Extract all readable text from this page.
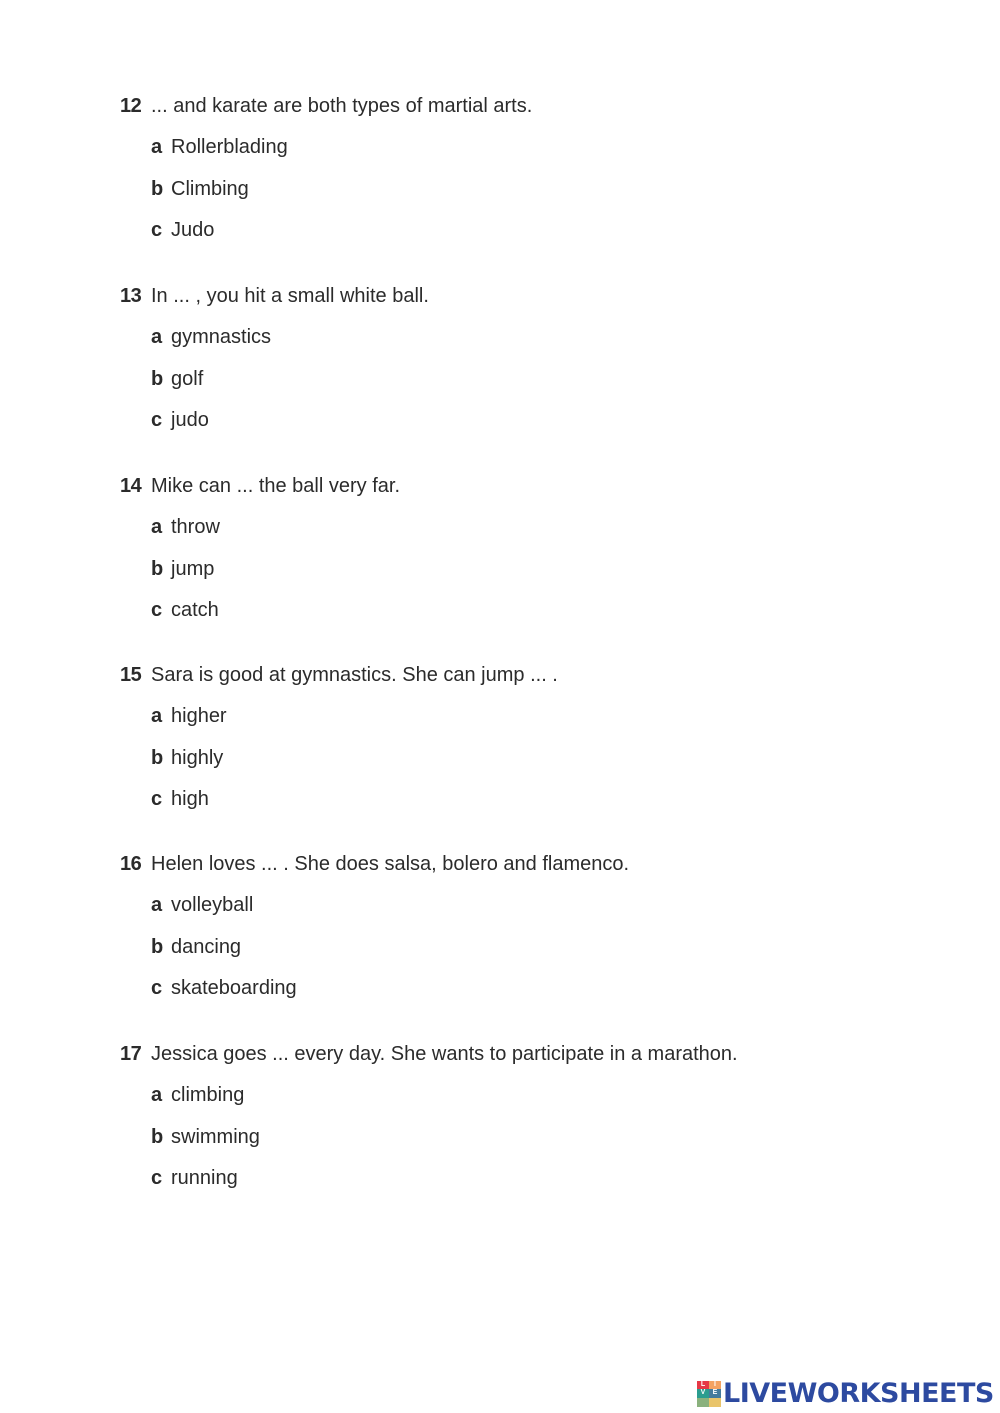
12 ... and karate are both types of martial arts.
a Rollerblading
b Climbing
c Judo
13 In ... , you hit a small white ball.
a gymnastics
b golf
c judo
14 Mike can ... the ball very far.
a throw
b jump
c catch
15 Sara is good at gymnastics. She can jump ... .
a higher
b highly
c high
16 Helen loves ... . She does salsa, bolero and flamenco.
a volleyball
b dancing
c skateboarding
17 Jessica goes ... every day. She wants to participate in a marathon.
a climbing
b swimming
c running
L	I
V	E LIVEWORKSHEETS
